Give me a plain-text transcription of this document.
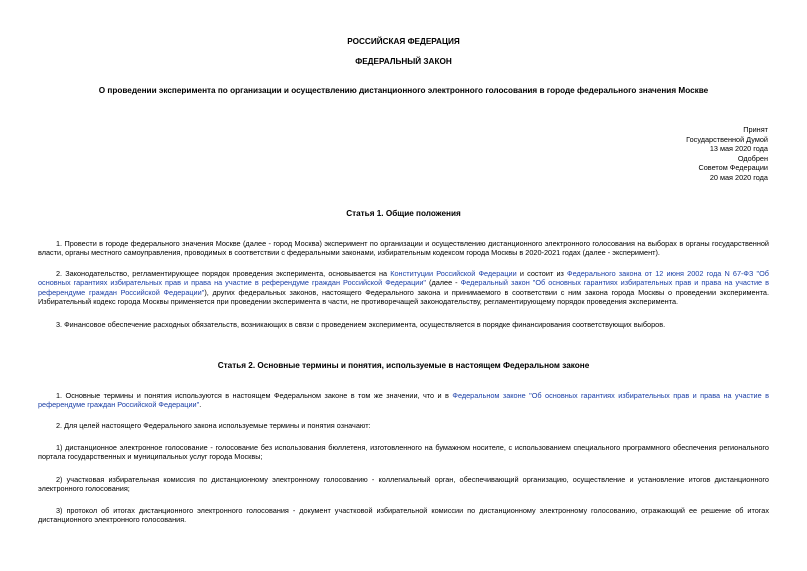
РОССИЙСКАЯ ФЕДЕРАЦИЯ
ФЕДЕРАЛЬНЫЙ ЗАКОН
О проведении эксперимента по организации и осуществлению дистанционного электронного голосования в городе федерального значения Москве
Принят
Государственной Думой
13 мая 2020 года
Одобрен
Советом Федерации
20 мая 2020 года
Статья 1. Общие положения
1. Провести в городе федерального значения Москве (далее - город Москва) эксперимент по организации и осуществлению дистанционного электронного голосования на выборах в органы государственной власти, органы местного самоуправления, проводимых в соответствии с федеральными законами, избирательным кодексом города Москвы в 2020-2021 годах (далее - эксперимент).
2. Законодательство, регламентирующее порядок проведения эксперимента, основывается на Конституции Российской Федерации и состоит из Федерального закона от 12 июня 2002 года N 67-ФЗ "Об основных гарантиях избирательных прав и права на участие в референдуме граждан Российской Федерации" (далее - Федеральный закон "Об основных гарантиях избирательных прав и права на участие в референдуме граждан Российской Федерации"), других федеральных законов, настоящего Федерального закона и принимаемого в соответствии с ним закона города Москвы о проведении эксперимента. Избирательный кодекс города Москвы применяется при проведении эксперимента в части, не противоречащей законодательству, регламентирующему порядок проведения эксперимента.
3. Финансовое обеспечение расходных обязательств, возникающих в связи с проведением эксперимента, осуществляется в порядке финансирования соответствующих выборов.
Статья 2. Основные термины и понятия, используемые в настоящем Федеральном законе
1. Основные термины и понятия используются в настоящем Федеральном законе в том же значении, что и в Федеральном законе "Об основных гарантиях избирательных прав и права на участие в референдуме граждан Российской Федерации".
2. Для целей настоящего Федерального закона используемые термины и понятия означают:
1) дистанционное электронное голосование - голосование без использования бюллетеня, изготовленного на бумажном носителе, с использованием специального программного обеспечения регионального портала государственных и муниципальных услуг города Москвы;
2) участковая избирательная комиссия по дистанционному электронному голосованию - коллегиальный орган, обеспечивающий организацию, осуществление и установление итогов дистанционного электронного голосования;
3) протокол об итогах дистанционного электронного голосования - документ участковой избирательной комиссии по дистанционному электронному голосованию, отражающий ее решение об итогах дистанционного электронного голосования.
